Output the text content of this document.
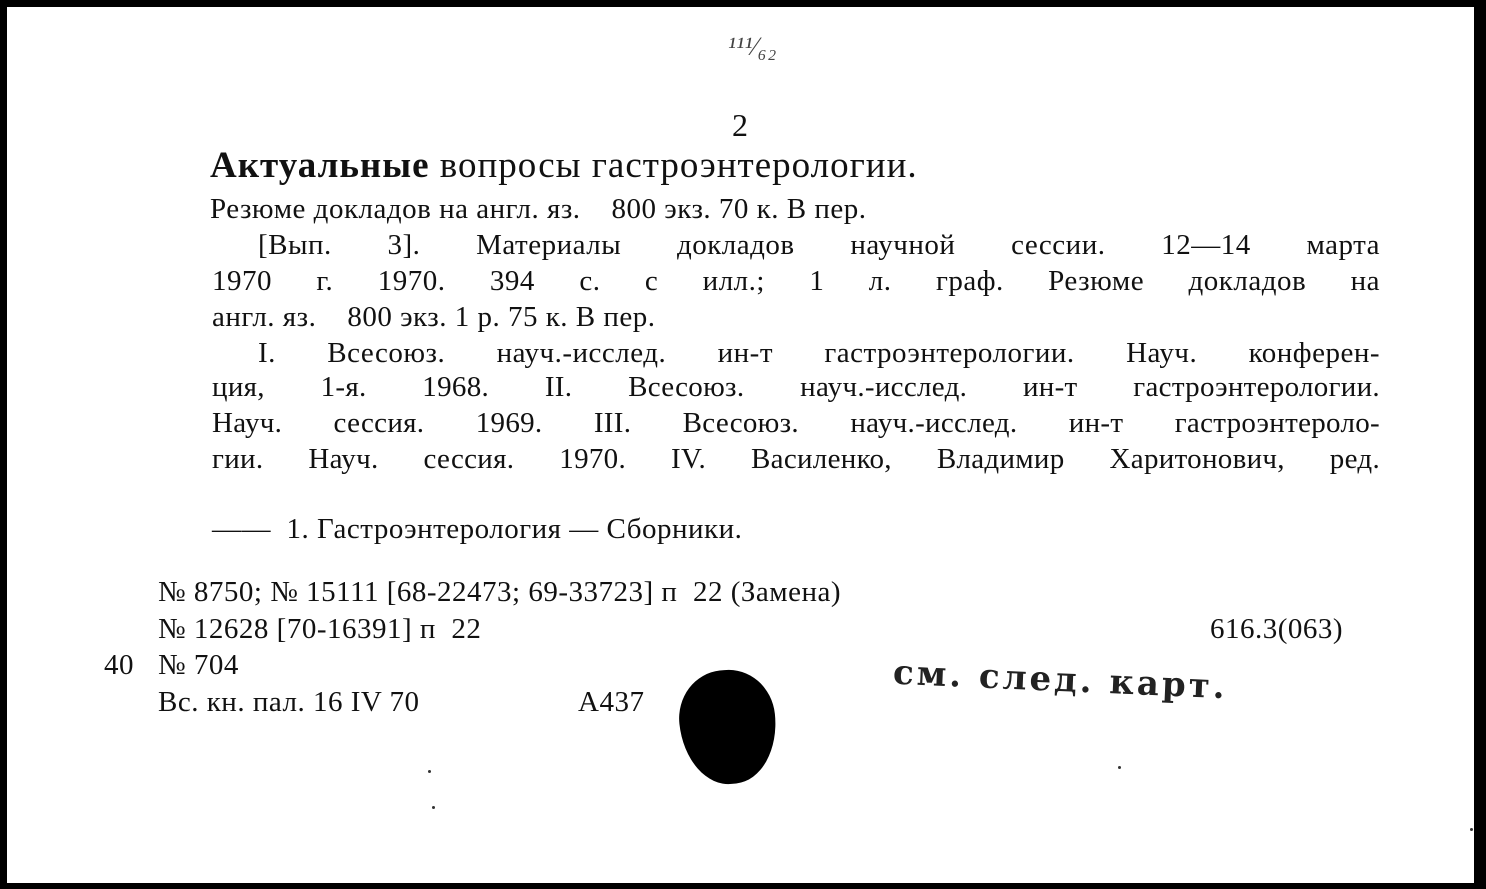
¹¹¹⁄₆₂
2
Актуальные вопросы гастроэнтерологии.
Резюме докладов на англ. яз.    800 экз. 70 к. В пер.
[Вып. 3]. Материалы докладов научной сессии. 12—14 марта
1970 г. 1970. 394 с. с илл.; 1 л. граф. Резюме докладов на
англ. яз.    800 экз. 1 р. 75 к. В пер.
I. Всесоюз. науч.-исслед. ин-т гастроэнтерологии. Науч. конферен-
ция, 1-я. 1968. II. Всесоюз. науч.-исслед. ин-т гастроэнтерологии.
Науч. сессия. 1969. III. Всесоюз. науч.-исслед. ин-т гастроэнтероло-
гии. Науч. сессия. 1970. IV. Василенко, Владимир Харитонович, ред.
——  1. Гастроэнтерология — Сборники.
№ 8750; № 15111 [68-22473; 69-33723] п  22 (Замена)
№ 12628 [70-16391] п  22	616.3(063)
40 № 704
Вс. кн. пал. 16 IV 70	А437	см. след. карт.
